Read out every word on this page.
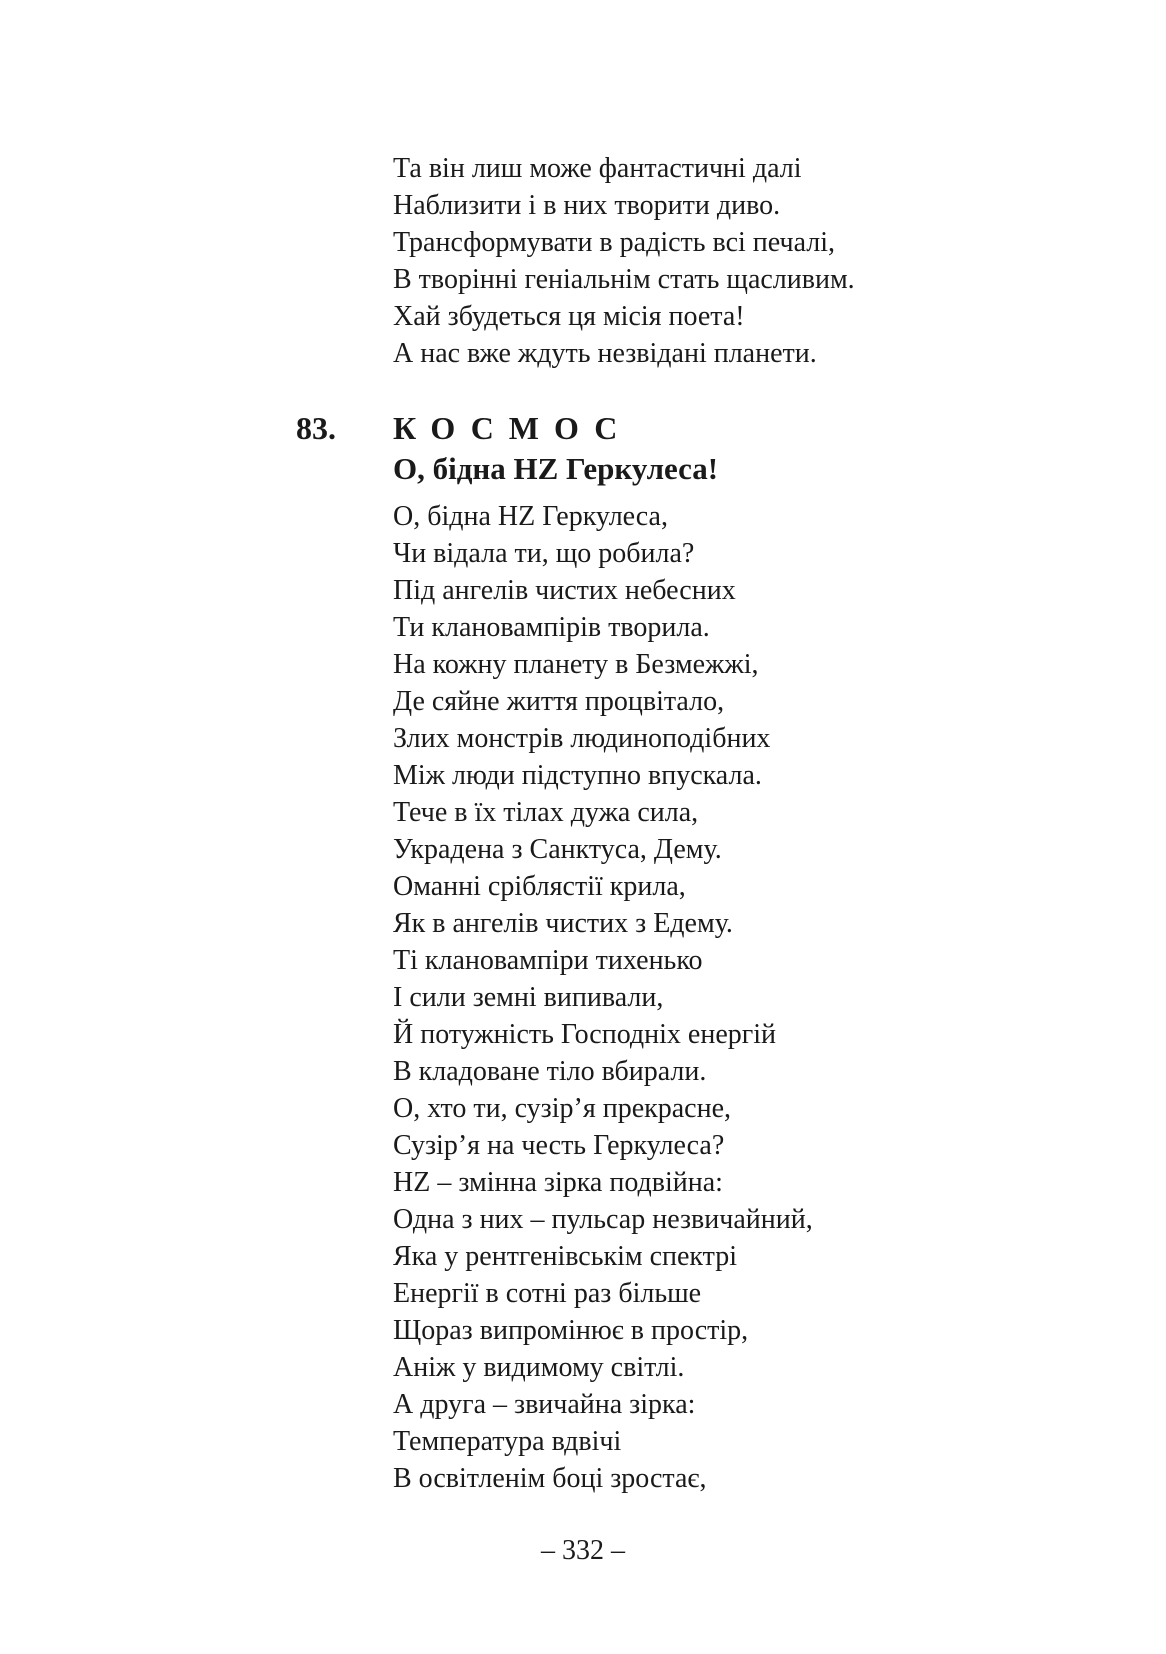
Та він лиш може фантастичні далі
Наблизити і в них творити диво.
Трансформувати в радість всі печалі,
В творінні геніальнім стать щасливим.
Хай збудеться ця місія поета!
А нас вже ждуть незвідані планети.
83. КОСМОС
О, бідна HZ Геркулеса!
О, бідна HZ Геркулеса,
Чи відала ти, що робила?
Під ангелів чистих небесних
Ти клановампірів творила.
На кожну планету в Безмежжі,
Де сяйне життя процвітало,
Злих монстрів людиноподібних
Між люди підступно впускала.
Тече в їх тілах дужа сила,
Украдена з Санктуса, Дему.
Оманні сріблястії крила,
Як в ангелів чистих з Едему.
Ті клановампіри тихенько
І сили земні випивали,
Й потужність Господніх енергій
В кладоване тіло вбирали.
О, хто ти, сузір’я прекрасне,
Сузір’я на честь Геркулеса?
HZ – змінна зірка подвійна:
Одна з них – пульсар незвичайний,
Яка у рентгенівськім спектрі
Енергії в сотні раз більше
Щораз випромінює в простір,
Аніж у видимому світлі.
А друга – звичайна зірка:
Температура вдвічі
В освітленім боці зростає,
– 332 –
